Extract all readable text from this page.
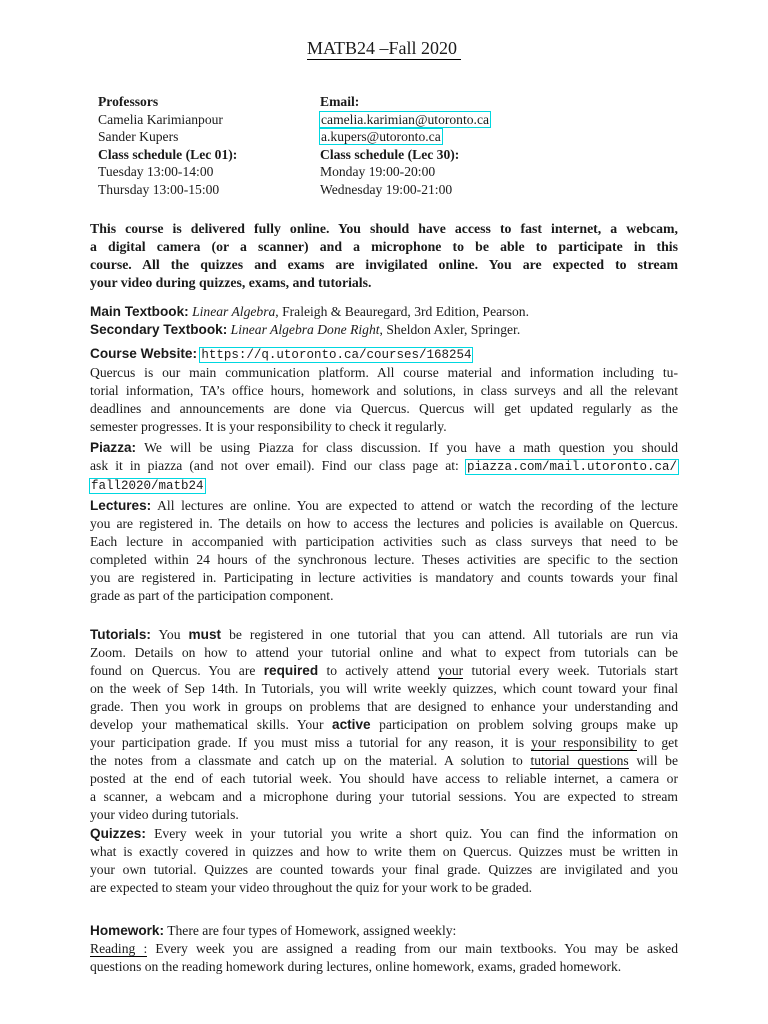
MATB24 –Fall 2020
Professors
Camelia Karimianpour
Sander Kupers
Class schedule (Lec 01):
Tuesday 13:00-14:00
Thursday 13:00-15:00
Email:
camelia.karimian@utoronto.ca
a.kupers@utoronto.ca
Class schedule (Lec 30):
Monday 19:00-20:00
Wednesday 19:00-21:00
This course is delivered fully online. You should have access to fast internet, a webcam,
a digital camera (or a scanner) and a microphone to be able to participate in this
course. All the quizzes and exams are invigilated online. You are expected to stream
your video during quizzes, exams, and tutorials.
Main Textbook: Linear Algebra, Fraleigh & Beauregard, 3rd Edition, Pearson.
Secondary Textbook: Linear Algebra Done Right, Sheldon Axler, Springer.
Course Website: https://q.utoronto.ca/courses/168254
Quercus is our main communication platform. All course material and information including tu-
torial information, TA’s office hours, homework and solutions, in class surveys and all the relevant
deadlines and announcements are done via Quercus. Quercus will get updated regularly as the
semester progresses. It is your responsibility to check it regularly.
Piazza: We will be using Piazza for class discussion. If you have a math question you should
ask it in piazza (and not over email). Find our class page at: piazza.com/mail.utoronto.ca/
fall2020/matb24
Lectures: All lectures are online. You are expected to attend or watch the recording of the lecture
you are registered in. The details on how to access the lectures and policies is available on Quercus.
Each lecture in accompanied with participation activities such as class surveys that need to be
completed within 24 hours of the synchronous lecture. Theses activities are specific to the section
you are registered in. Participating in lecture activities is mandatory and counts towards your final
grade as part of the participation component.
Tutorials: You must be registered in one tutorial that you can attend. All tutorials are run via
Zoom. Details on how to attend your tutorial online and what to expect from tutorials can be
found on Quercus. You are required to actively attend your tutorial every week. Tutorials start
on the week of Sep 14th. In Tutorials, you will write weekly quizzes, which count toward your final
grade. Then you work in groups on problems that are designed to enhance your understanding and
develop your mathematical skills. Your active participation on problem solving groups make up
your participation grade. If you must miss a tutorial for any reason, it is your responsibility to get
the notes from a classmate and catch up on the material. A solution to tutorial questions will be
posted at the end of each tutorial week. You should have access to reliable internet, a camera or
a scanner, a webcam and a microphone during your tutorial sessions. You are expected to stream
your video during tutorials.
Quizzes: Every week in your tutorial you write a short quiz. You can find the information on
what is exactly covered in quizzes and how to write them on Quercus. Quizzes must be written in
your own tutorial. Quizzes are counted towards your final grade. Quizzes are invigilated and you
are expected to steam your video throughout the quiz for your work to be graded.
Homework: There are four types of Homework, assigned weekly:
Reading : Every week you are assigned a reading from our main textbooks. You may be asked
questions on the reading homework during lectures, online homework, exams, graded homework.
